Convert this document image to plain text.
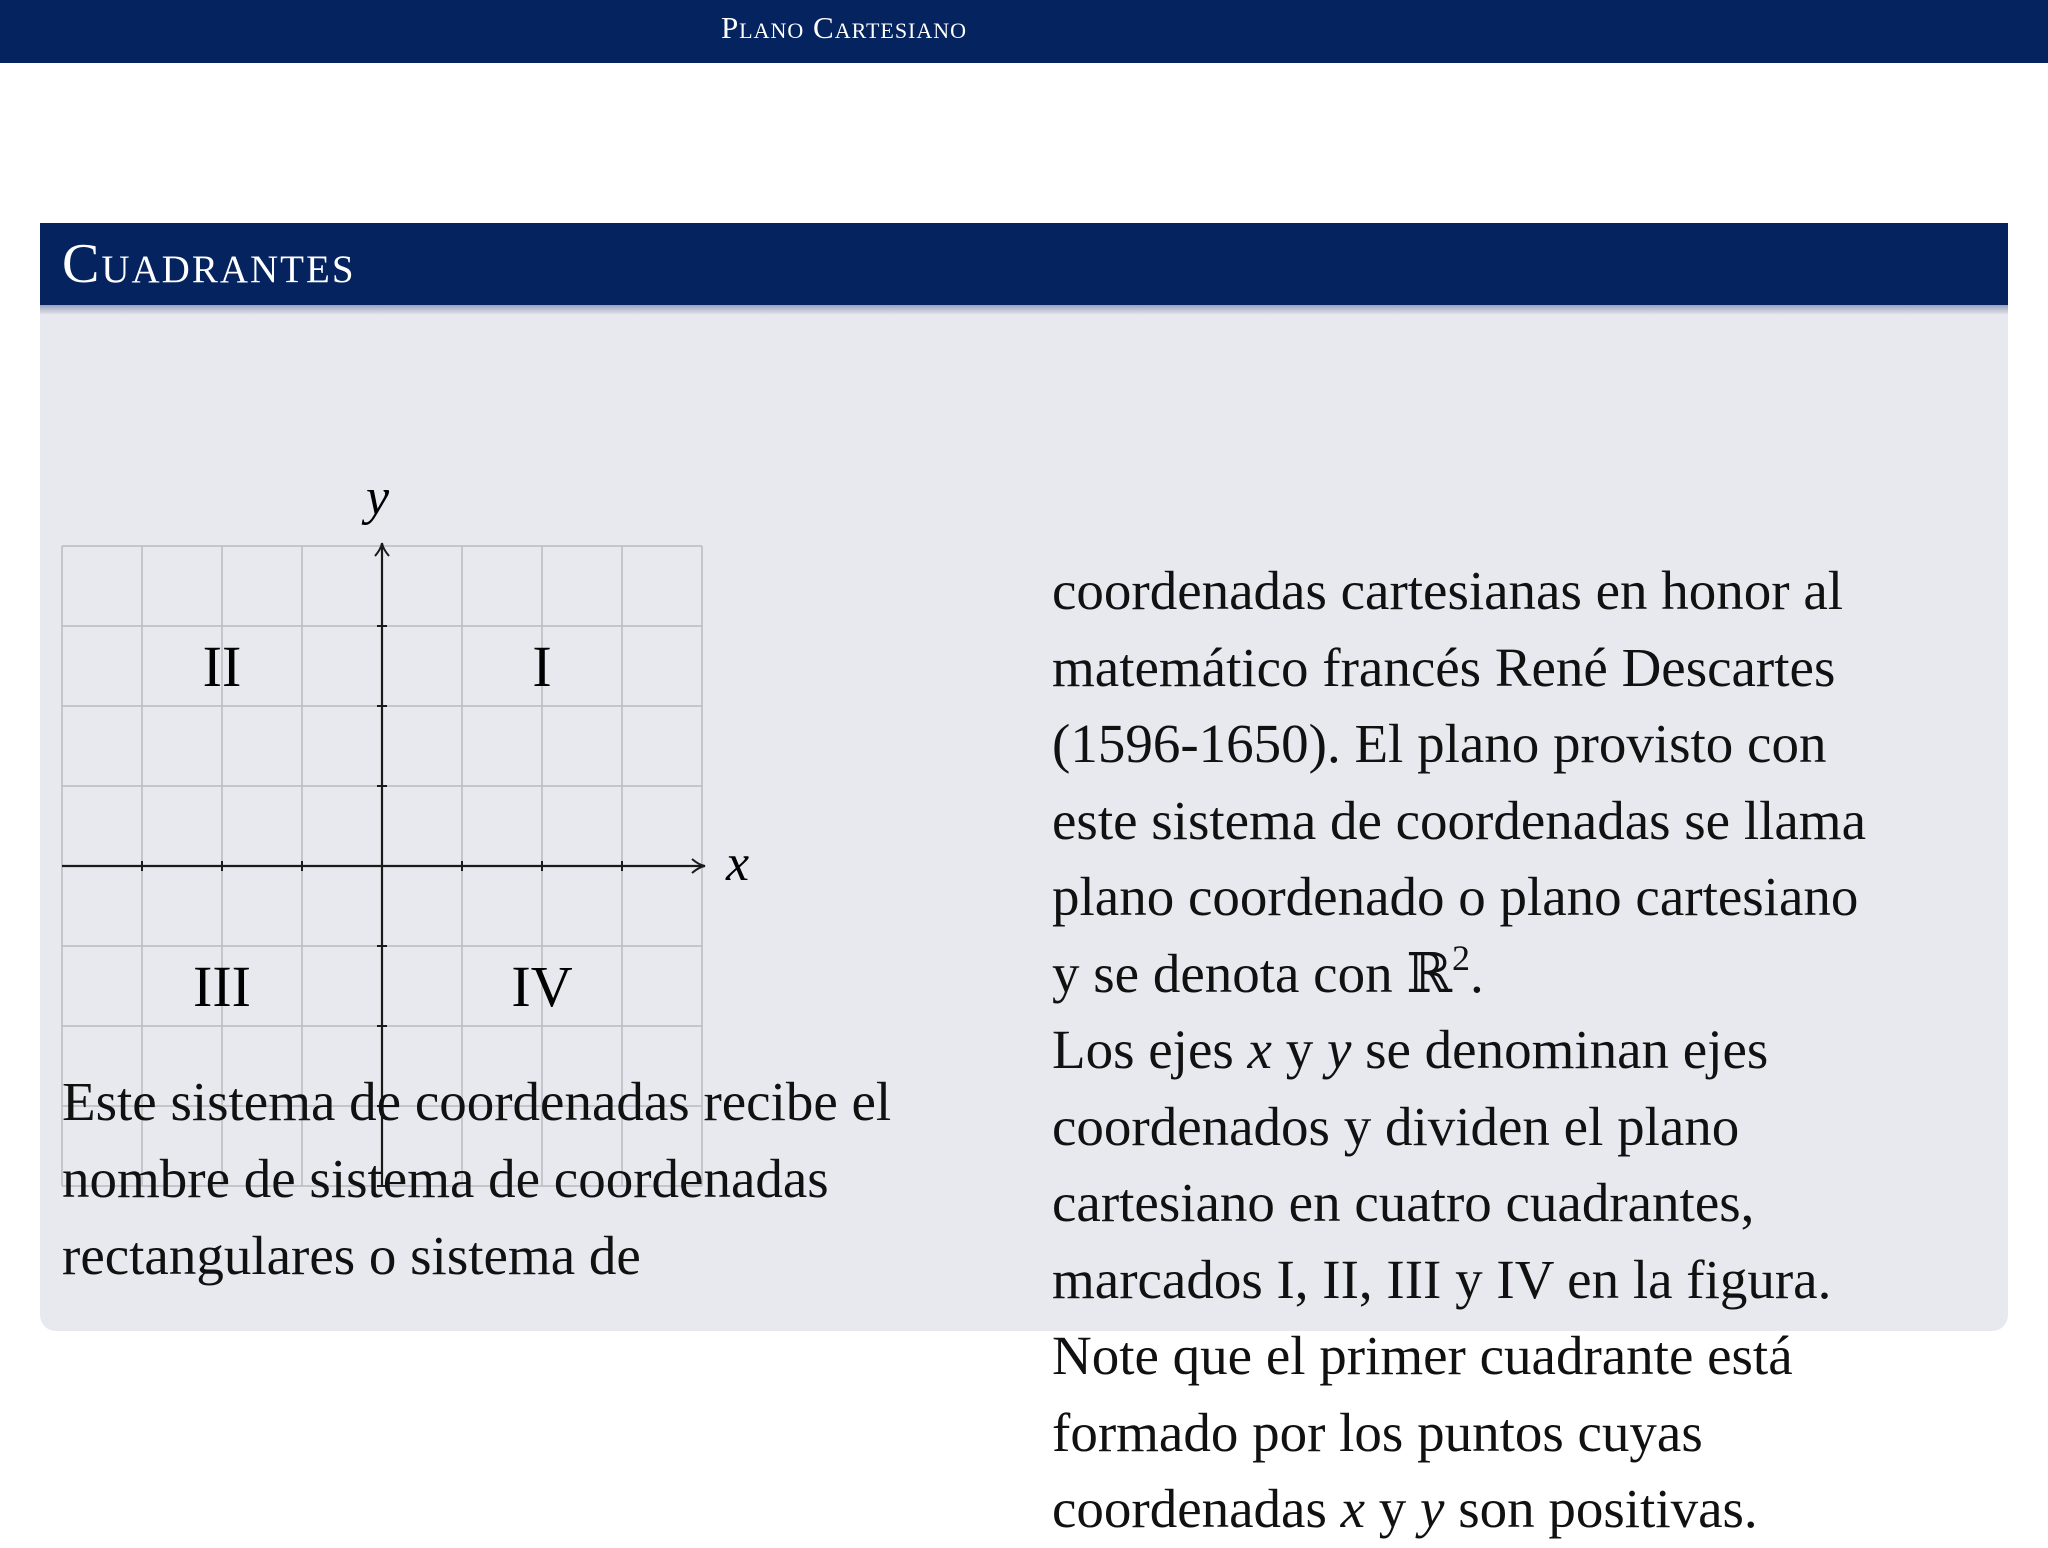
Plano Cartesiano
Cuadrantes
x
y
I
II
III	IV
Este sistema de coordenadas recibe el
nombre de sistema de coordenadas
rectangulares o sistema de
coordenadas cartesianas en honor al
matemático francés René Descartes
(1596-1650). El plano provisto con
este sistema de coordenadas se llama
plano coordenado o plano cartesiano
y se denota con ℝ$^2$.
Los ejes x y y se denominan ejes
coordenados y dividen el plano
cartesiano en cuatro cuadrantes,
marcados I, II, III y IV en la figura.
Note que el primer cuadrante está
formado por los puntos cuyas
coordenadas x y y son positivas.
